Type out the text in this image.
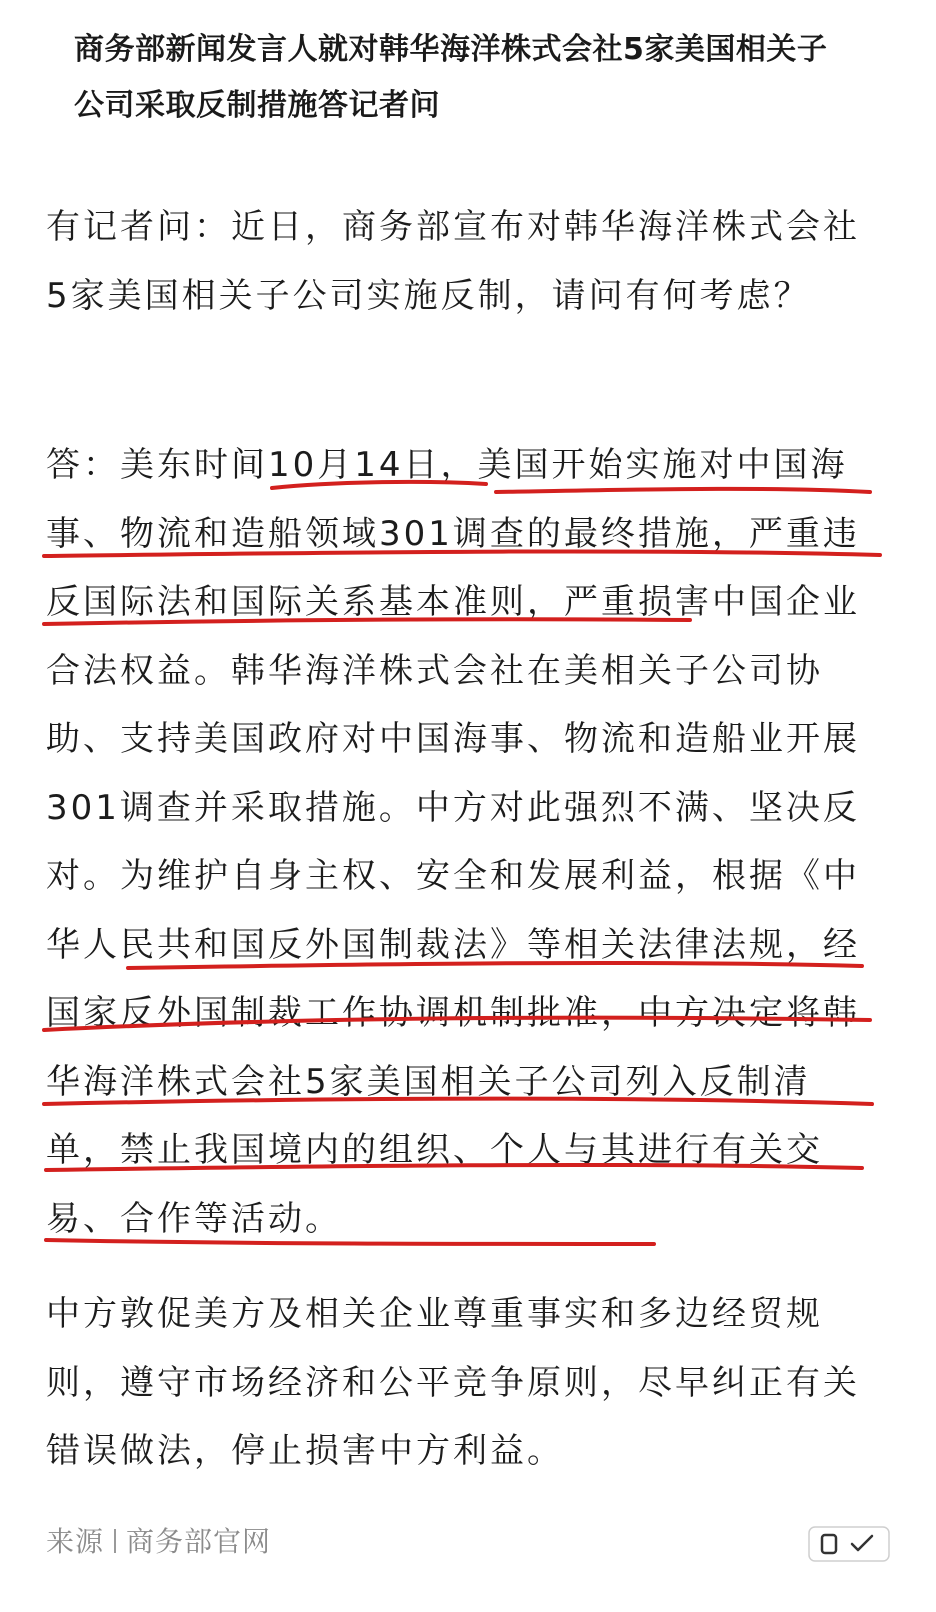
商务部新闻发言人就对韩华海洋株式会社5家美国相关子公司采取反制措施答记者问

有记者问：近日，商务部宣布对韩华海洋株式会社5家美国相关子公司实施反制，请问有何考虑？

答：美东时间10月14日，美国开始实施对中国海事、物流和造船领域301调查的最终措施，严重违反国际法和国际关系基本准则，严重损害中国企业合法权益。韩华海洋株式会社在美相关子公司协助、支持美国政府对中国海事、物流和造船业开展301调查并采取措施。中方对此强烈不满、坚决反对。为维护自身主权、安全和发展利益，根据《中华人民共和国反外国制裁法》等相关法律法规，经国家反外国制裁工作协调机制批准，中方决定将韩华海洋株式会社5家美国相关子公司列入反制清单，禁止我国境内的组织、个人与其进行有关交易、合作等活动。

中方敦促美方及相关企业尊重事实和多边经贸规则，遵守市场经济和公平竞争原则，尽早纠正有关错误做法，停止损害中方利益。

来源 商务部官网
